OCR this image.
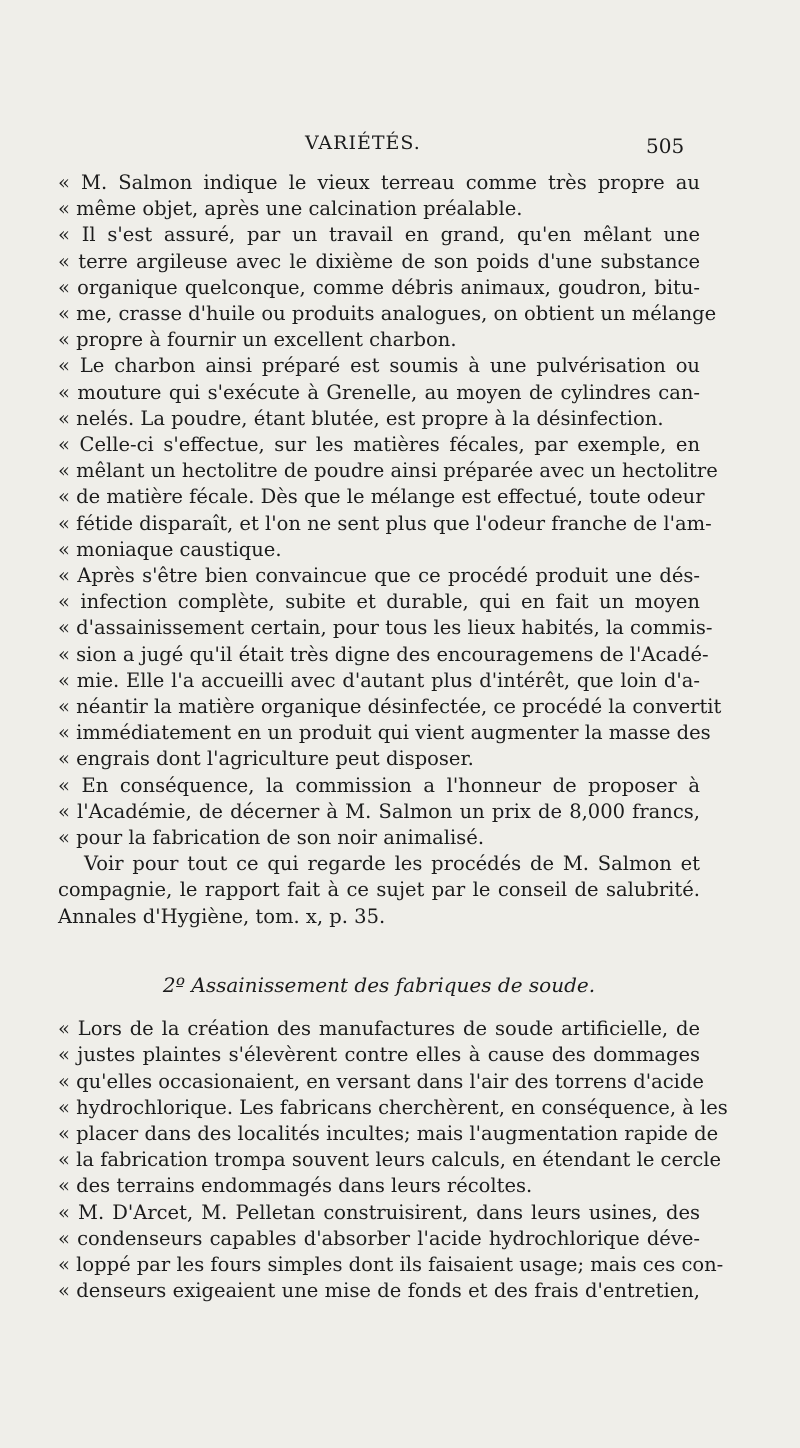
VARIÉTÉS.	505
« M. Salmon indique le vieux terreau comme très propre au
« même objet, après une calcination préalable.
« Il s'est assuré, par un travail en grand, qu'en mêlant une
« terre argileuse avec le dixième de son poids d'une substance
« organique quelconque, comme débris animaux, goudron, bitu-
« me, crasse d'huile ou produits analogues, on obtient un mélange
« propre à fournir un excellent charbon.
« Le charbon ainsi préparé est soumis à une pulvérisation ou
« mouture qui s'exécute à Grenelle, au moyen de cylindres can-
« nelés. La poudre, étant blutée, est propre à la désinfection.
« Celle-ci s'effectue, sur les matières fécales, par exemple, en
« mêlant un hectolitre de poudre ainsi préparée avec un hectolitre
« de matière fécale. Dès que le mélange est effectué, toute odeur
« fétide disparaît, et l'on ne sent plus que l'odeur franche de l'am-
« moniaque caustique.
« Après s'être bien convaincue que ce procédé produit une dés-
« infection complète, subite et durable, qui en fait un moyen
« d'assainissement certain, pour tous les lieux habités, la commis-
« sion a jugé qu'il était très digne des encouragemens de l'Acadé-
« mie. Elle l'a accueilli avec d'autant plus d'intérêt, que loin d'a-
« néantir la matière organique désinfectée, ce procédé la convertit
« immédiatement en un produit qui vient augmenter la masse des
« engrais dont l'agriculture peut disposer.
« En conséquence, la commission a l'honneur de proposer à
« l'Académie, de décerner à M. Salmon un prix de 8,000 francs,
« pour la fabrication de son noir animalisé.
Voir pour tout ce qui regarde les procédés de M. Salmon et
compagnie, le rapport fait à ce sujet par le conseil de salubrité.
Annales d'Hygiène, tom. x, p. 35.
2º Assainissement des fabriques de soude.
« Lors de la création des manufactures de soude artificielle, de
« justes plaintes s'élevèrent contre elles à cause des dommages
« qu'elles occasionaient, en versant dans l'air des torrens d'acide
« hydrochlorique. Les fabricans cherchèrent, en conséquence, à les
« placer dans des localités incultes; mais l'augmentation rapide de
« la fabrication trompa souvent leurs calculs, en étendant le cercle
« des terrains endommagés dans leurs récoltes.
« M. D'Arcet, M. Pelletan construisirent, dans leurs usines, des
« condenseurs capables d'absorber l'acide hydrochlorique déve-
« loppé par les fours simples dont ils faisaient usage; mais ces con-
« denseurs exigeaient une mise de fonds et des frais d'entretien,
